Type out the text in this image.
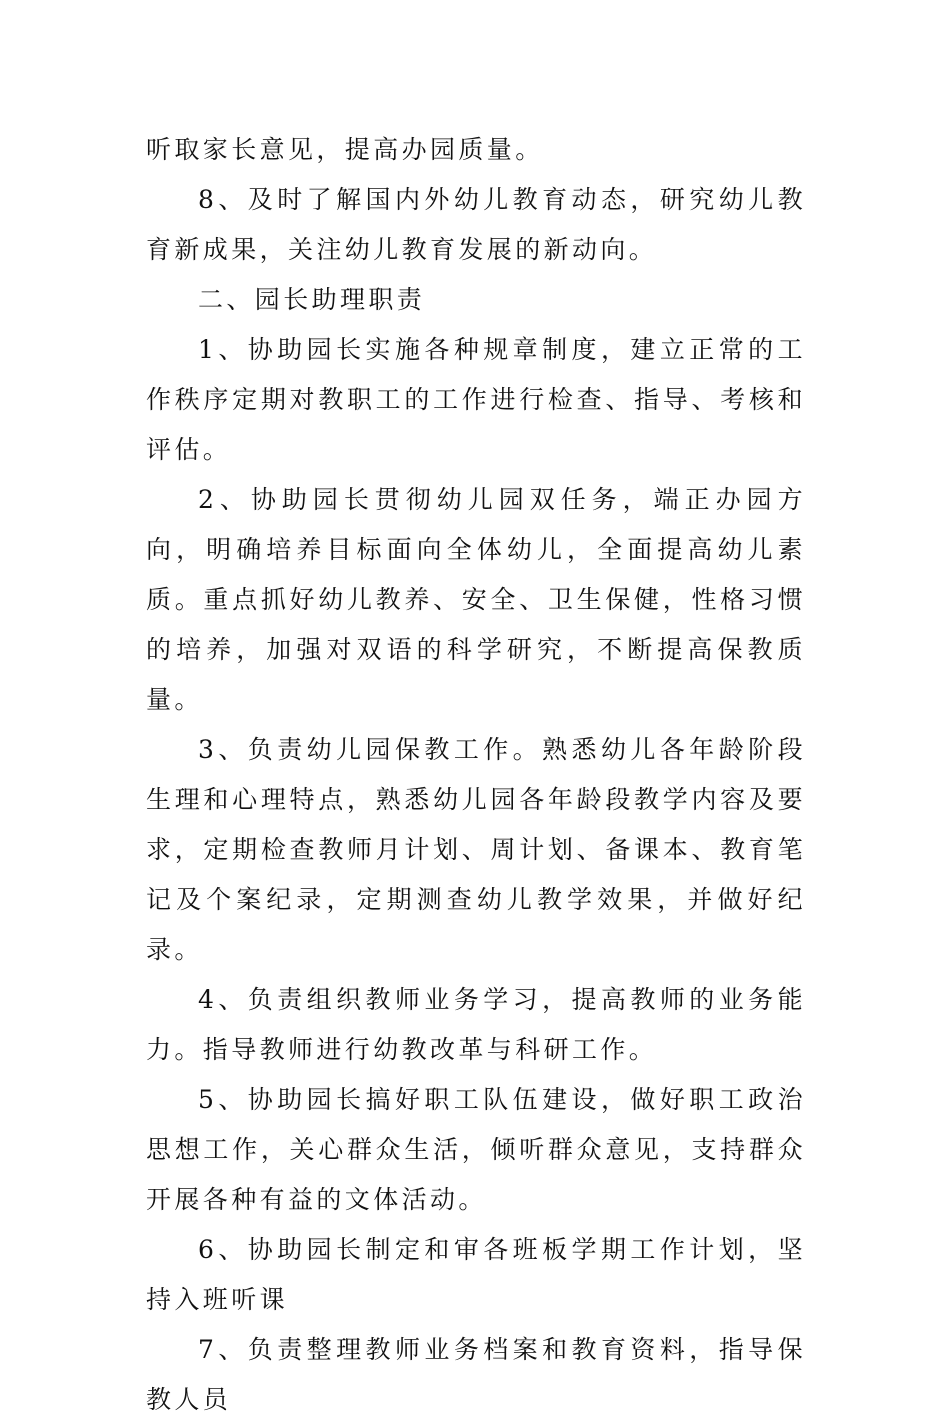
听取家长意见，提高办园质量。

8、及时了解国内外幼儿教育动态，研究幼儿教育新成果，关注幼儿教育发展的新动向。

二、园长助理职责

1、协助园长实施各种规章制度，建立正常的工作秩序定期对教职工的工作进行检查、指导、考核和评估。

2、协助园长贯彻幼儿园双任务，端正办园方向，明确培养目标面向全体幼儿，全面提高幼儿素质。重点抓好幼儿教养、安全、卫生保健，性格习惯的培养，加强对双语的科学研究，不断提高保教质量。

3、负责幼儿园保教工作。熟悉幼儿各年龄阶段生理和心理特点，熟悉幼儿园各年龄段教学内容及要求，定期检查教师月计划、周计划、备课本、教育笔记及个案纪录，定期测查幼儿教学效果，并做好纪录。

4、负责组织教师业务学习，提高教师的业务能力。指导教师进行幼教改革与科研工作。

5、协助园长搞好职工队伍建设，做好职工政治思想工作，关心群众生活，倾听群众意见，支持群众开展各种有益的文体活动。

6、协助园长制定和审各班板学期工作计划，坚持入班听课

7、负责整理教师业务档案和教育资料，指导保教人员
